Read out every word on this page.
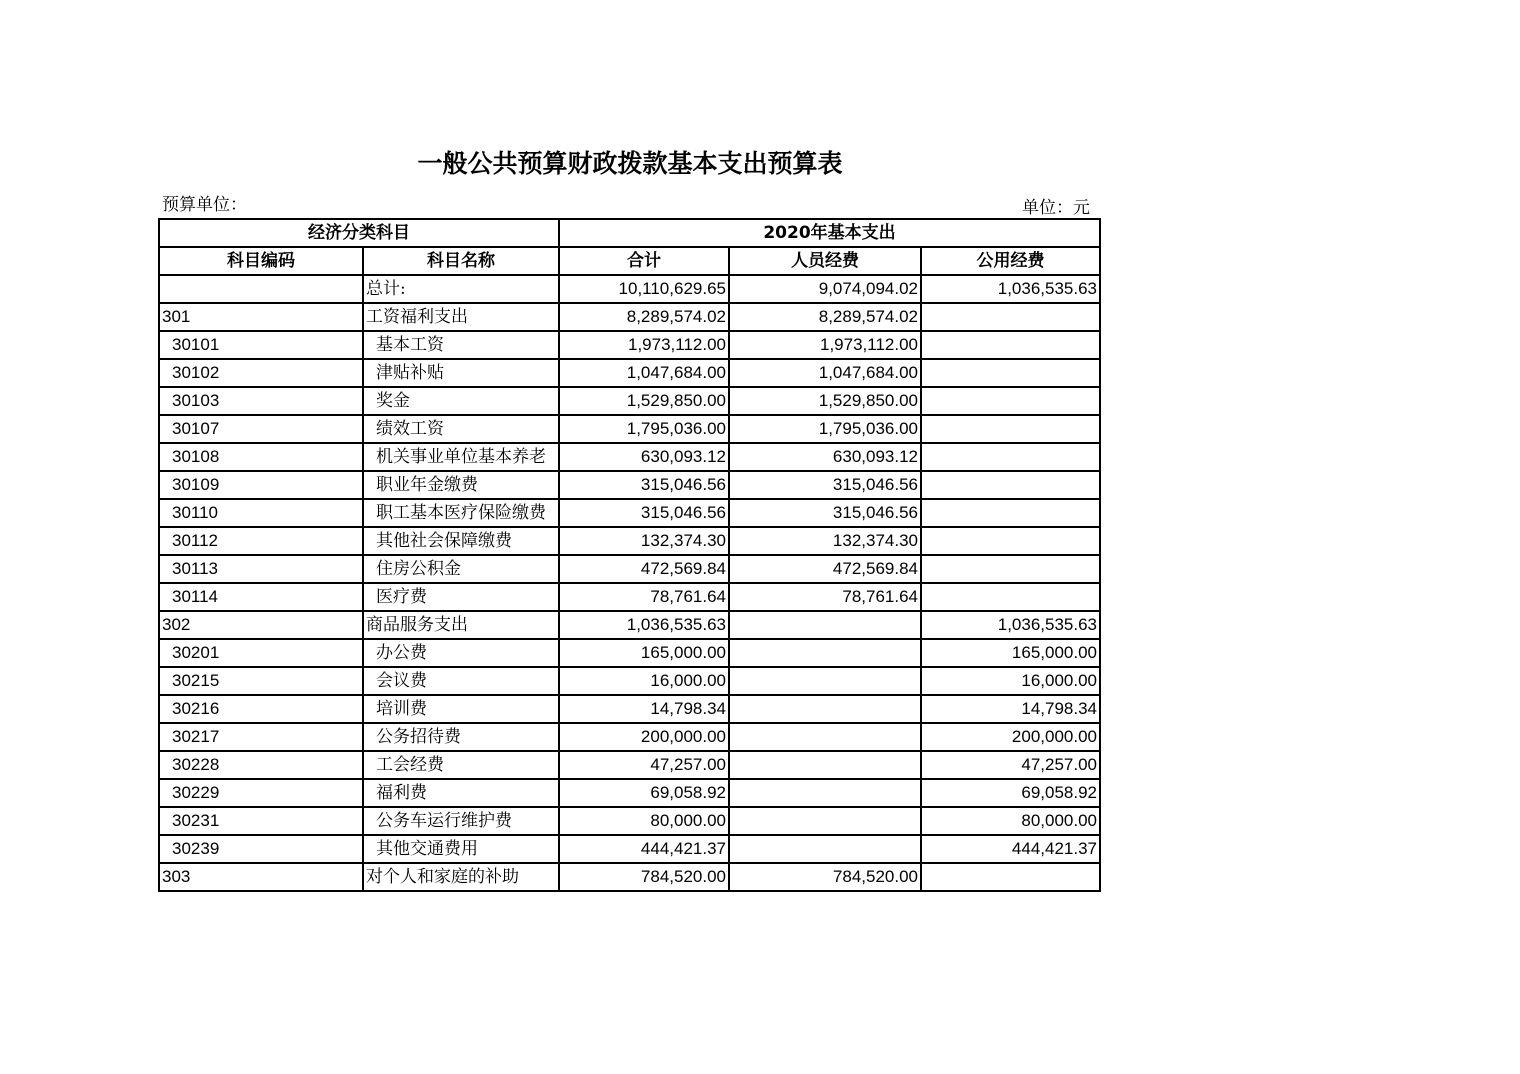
一般公共预算财政拨款基本支出预算表
预算单位：	单位：元
经济分类科目		2020年基本支出		
科目编码	科目名称	合计	人员经费	公用经费
	总计:	10,110,629.65	9,074,094.02	1,036,535.63
301	工资福利支出	8,289,574.02	8,289,574.02	
30101	基本工资	1,973,112.00	1,973,112.00	
30102	津贴补贴	1,047,684.00	1,047,684.00	
30103	奖金	1,529,850.00	1,529,850.00	
30107	绩效工资	1,795,036.00	1,795,036.00	
30108	机关事业单位基本养老	630,093.12	630,093.12	
30109	职业年金缴费	315,046.56	315,046.56	
30110	职工基本医疗保险缴费	315,046.56	315,046.56	
30112	其他社会保障缴费	132,374.30	132,374.30	
30113	住房公积金	472,569.84	472,569.84	
30114	医疗费	78,761.64	78,761.64	
302	商品服务支出	1,036,535.63		1,036,535.63
30201	办公费	165,000.00		165,000.00
30215	会议费	16,000.00		16,000.00
30216	培训费	14,798.34		14,798.34
30217	公务招待费	200,000.00		200,000.00
30228	工会经费	47,257.00		47,257.00
30229	福利费	69,058.92		69,058.92
30231	公务车运行维护费	80,000.00		80,000.00
30239	其他交通费用	444,421.37		444,421.37
303	对个人和家庭的补助	784,520.00	784,520.00	
